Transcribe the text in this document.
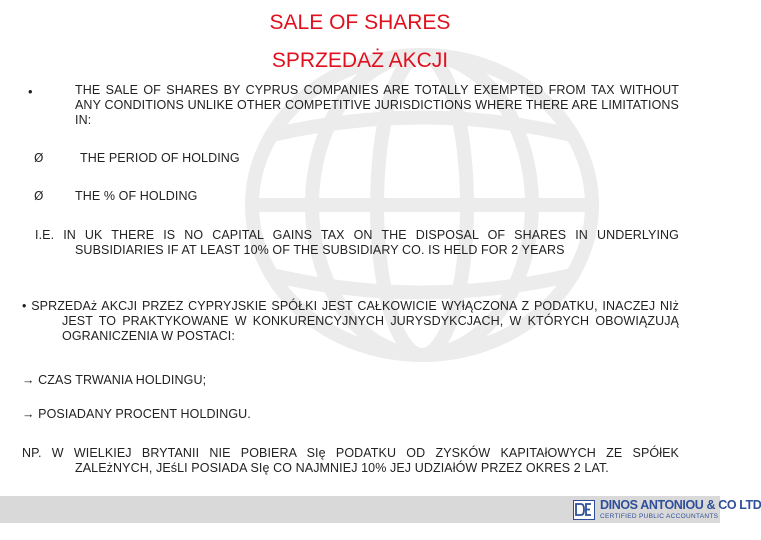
SALE OF SHARES
SPRZEDAŻ AKCJI
•	THE SALE OF SHARES BY CYPRUS COMPANIES ARE TOTALLY EXEMPTED FROM TAX WITHOUT ANY CONDITIONS UNLIKE OTHER COMPETITIVE JURISDICTIONS WHERE THERE ARE LIMITATIONS IN:
Ø	THE PERIOD OF HOLDING
Ø	THE % OF HOLDING
I.E. IN UK THERE IS NO CAPITAL GAINS TAX ON THE DISPOSAL OF SHARES IN UNDERLYING SUBSIDIARIES IF AT LEAST 10% OF THE SUBSIDIARY CO. IS HELD FOR 2 YEARS
• SPRZEDAż AKCJI PRZEZ CYPRYJSKIE SPÓŁKI JEST CAŁKOWICIE WYłĄCZONA Z PODATKU, INACZEJ NIż JEST TO PRAKTYKOWANE W KONKURENCYJNYCH JURYSDYKCJACH, W KTÓRYCH OBOWIĄZUJĄ OGRANICZENIA W POSTACI:
→ CZAS TRWANIA HOLDINGU;
→ POSIADANY PROCENT HOLDINGU.
NP. W WIELKIEJ BRYTANII NIE POBIERA SIę PODATKU OD ZYSKÓW KAPITAłOWYCH ZE SPÓłEK ZALEżNYCH, JEśLI POSIADA SIę CO NAJMNIEJ 10% JEJ UDZIAłÓW PRZEZ OKRES 2 LAT.
DINOS ANTONIOU & CO LTD
CERTIFIED PUBLIC ACCOUNTANTS
